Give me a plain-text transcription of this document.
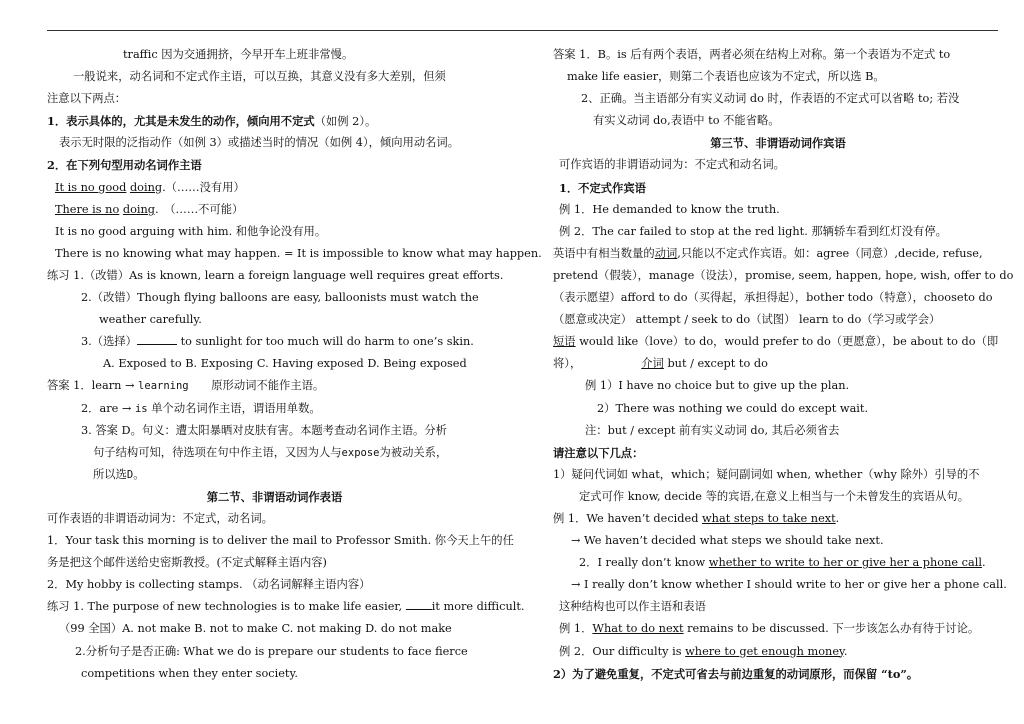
traffic 因为交通拥挤，今早开车上班非常慢。
一般说来，动名词和不定式作主语，可以互换，其意义没有多大差别，但须
注意以下两点：
1．表示具体的，尤其是未发生的动作，倾向用不定式（如例 2）。
表示无时限的泛指动作（如例 3）或描述当时的情况（如例 4），倾向用动名词。
2．在下列句型用动名词作主语
It is no good doing.（……没有用）
There is no doing.　（……不可能）
It is no good arguing with him. 和他争论没有用。
There is no knowing what may happen. = It is impossible to know what may happen.
练习 1.（改错）As is known, learn a foreign language well requires great efforts.
2.（改错）Though flying balloons are easy, balloonists must watch the
weather carefully.
3.（选择）	to sunlight for too much will do harm to one’s skin.
A. Exposed to B. Exposing C. Having exposed D. Being exposed
答案 1．learn → learning　　 原形动词不能作主语。
2．are → is 单个动名词作主语，谓语用单数。
3. 答案 D。句义：遭太阳暴晒对皮肤有害。本题考查动名词作主语。分析
句子结构可知，待选项在句中作主语，又因为人与expose为被动关系，
所以选D。
第二节、非谓语动词作表语
可作表语的非谓语动词为：不定式，动名词。
1．Your task this morning is to deliver the mail to Professor Smith. 你今天上午的任
务是把这个邮件送给史密斯教授。(不定式解释主语内容)
2．My hobby is collecting stamps. （动名词解释主语内容）
练习 1. The purpose of new technologies is to make life easier, it more difficult.
（99 全国）A. not make B. not to make C. not making D. do not make
2.分析句子是否正确: What we do is prepare our students to face fierce
competitions when they enter society.
答案 1．B。is 后有两个表语，两者必须在结构上对称。第一个表语为不定式 to
make life easier，则第二个表语也应该为不定式，所以选 B。
2、正确。当主语部分有实义动词 do 时，作表语的不定式可以省略 to; 若没
有实义动词 do,表语中 to 不能省略。
第三节、非谓语动词作宾语
可作宾语的非谓语动词为：不定式和动名词。
1．不定式作宾语
例 1．He demanded to know the truth.
例 2．The car failed to stop at the red light. 那辆轿车看到红灯没有停。
英语中有相当数量的动词,只能以不定式作宾语。如：agree（同意）,decide, refuse,
pretend（假装），manage（设法），promise, seem, happen, hope, wish, offer to do
（表示愿望）afford to do（买得起，承担得起），bother todo（特意），chooseto do
（愿意或决定） attempt / seek to do（试图） learn to do（学习或学会）
短语 would like（love）to do，would prefer to do（更愿意），be about to do（即
将），	介词 but / except to do
例 1）I have no choice but to give up the plan.
2）There was nothing we could do except wait.
注：but / except 前有实义动词 do, 其后必须省去
请注意以下几点：
1）疑问代词如 what，which；疑问副词如 when, whether（why 除外）引导的不
定式可作 know, decide 等的宾语,在意义上相当与一个未曾发生的宾语从句。
例 1．We haven’t decided what steps to take next.
→ We haven’t decided what steps we should take next.
2．I really don’t know whether to write to her or give her a phone call.
→ I really don’t know whether I should write to her or give her a phone call.
这种结构也可以作主语和表语
例 1．What to do next remains to be discussed. 下一步该怎么办有待于讨论。
例 2．Our difficulty is where to get enough money.
2）为了避免重复，不定式可省去与前边重复的动词原形，而保留 “to”。
